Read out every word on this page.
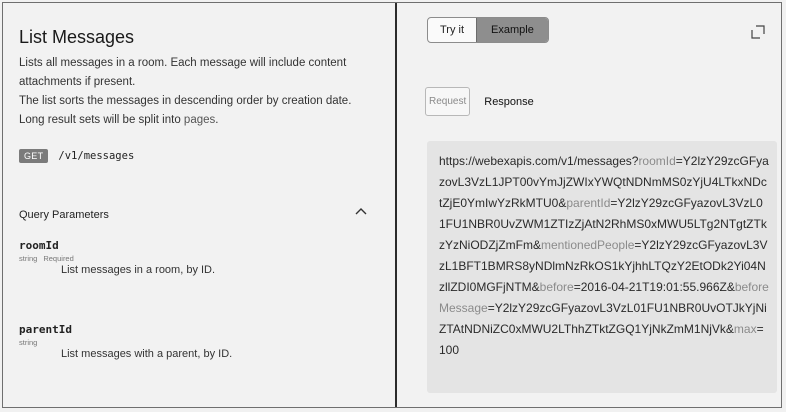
List Messages

Lists all messages in a room. Each message will include content
attachments if present.
The list sorts the messages in descending order by creation date.
Long result sets will be split into pages.

GET	/v1/messages
Query Parameters
roomId
string Required
List messages in a room, by ID.
parentId
string
List messages with a parent, by ID.
Try it	Example
Request	Response
https://webexapis.com/v1/messages?roomId=Y2lzY29zcGFyazovL3VzL1JPT00vYmJjZWIxYWQtNDNmMS0zYjU4LTkxNDctZjE0YmIwYzRkMTU0&parentId=Y2lzY29zcGFyazovL3VzL01FU1NBR0UvZWM1ZTIzZjAtN2RhMS0xMWU5LTg2NTgtZTkzYzNiODZjZmFm&mentionedPeople=Y2lzY29zcGFyazovL3VzL1BFT1BMRS8yNDlmNzRkOS1kYjhhLTQzY2EtODk2Yi04NzllZDI0MGFjNTM&before=2016-04-21T19:01:55.966Z&beforeMessage=Y2lzY29zcGFyazovL3VzL01FU1NBR0UvOTJkYjNiZTAtNDNiZC0xMWU2LThhZTktZGQ1YjNkZmM1NjVk&max=100
